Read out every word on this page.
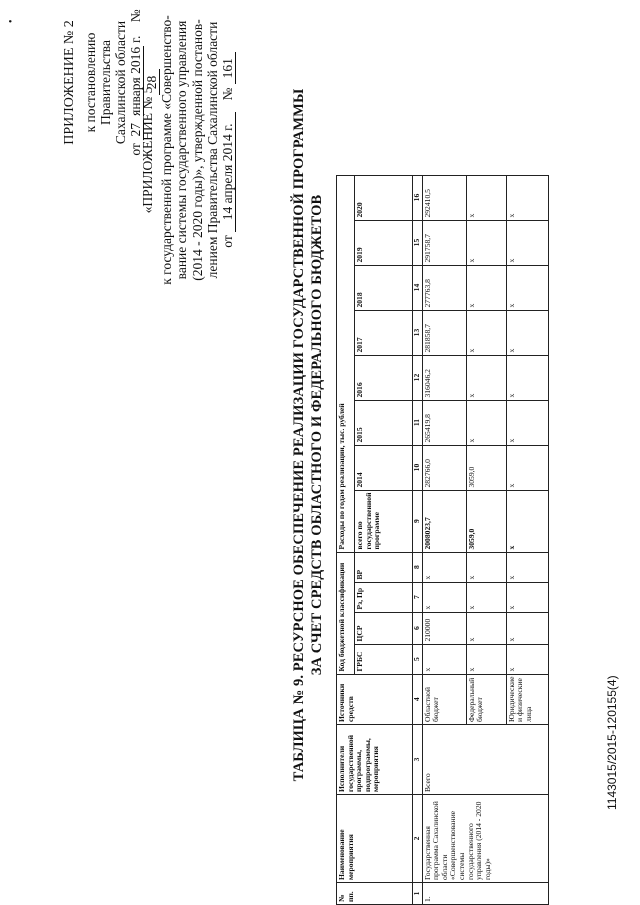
•	ПРИЛОЖЕНИЕ № 2 к постановлению Правительства Сахалинской области
от 27 января 2016 г. № 28
«ПРИЛОЖЕНИЕ № 5 к государственной программе «Совершенство- вание системы государственного управления (2014 - 2020 годы)», утвержденной постанов- лением Правительства Сахалинской области от 14 апреля 2014 г. № 161
ТАБЛИЦА № 9. РЕСУРСНОЕ ОБЕСПЕЧЕНИЕ РЕАЛИЗАЦИИ ГОСУДАРСТВЕННОЙ ПРОГРАММЫ ЗА СЧЕТ СРЕДСТВ ОБЛАСТНОГО И ФЕДЕРАЛЬНОГО БЮДЖЕТОВ
№ пп.	Наименование мероприятия	Исполнители государственной программы, подпрограммы, мероприятия	Источники средств	Код бюджетной классификации				Расходы по годам реализации, тыс. рублей							
				ГРБС	ЦСР	Рз, Пр	ВР	всего по государственной программе	2014	2015	2016	2017	2018	2019	2020
1	2	3	4	5	6	7	8	9	10	11	12	13	14	15	16
1.	Государственная программа Сахалинской области «Совершенствование системы государственного управления (2014 - 2020 годы)»	Всего	Областной бюджет	х	210000	х	х	2008023,7	282766,0	265419,8	316046,2	281858,7	277763,8	291758,7	292410,5
			Федеральный бюджет	х	х	х	х	3059,0	3059,0	х	х	х	х	х	х
			Юридические и физические лица	х	х	х	х	х	х	х	х	х	х	х	х
1143015/2015-120155(4)
